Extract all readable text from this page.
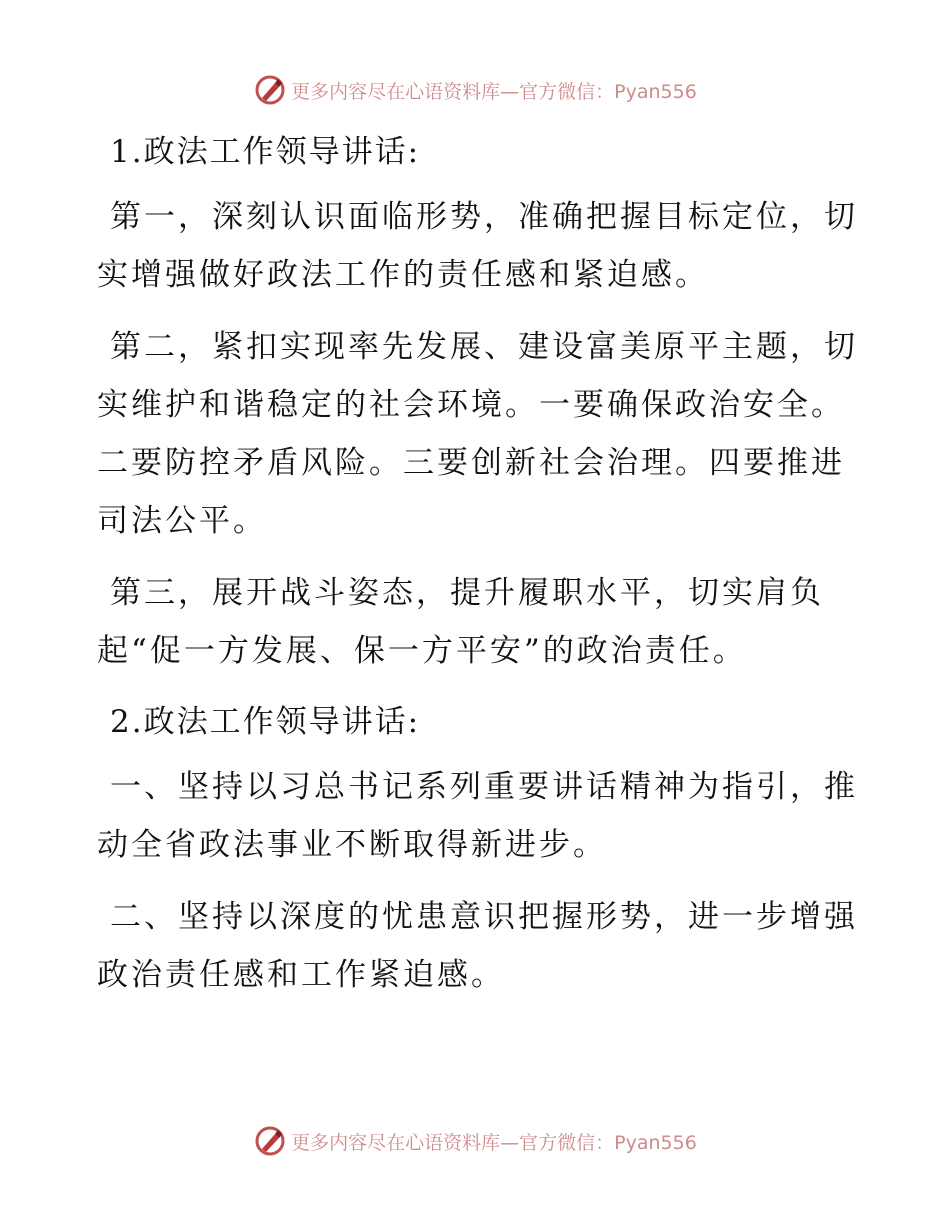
更多内容尽在心语资料库—官方微信：Pyan556
1.政法工作领导讲话:
第一，深刻认识面临形势，准确把握目标定位，切实增强做好政法工作的责任感和紧迫感。
第二，紧扣实现率先发展、建设富美原平主题，切实维护和谐稳定的社会环境。一要确保政治安全。二要防控矛盾风险。三要创新社会治理。四要推进司法公平。
第三，展开战斗姿态，提升履职水平，切实肩负起“促一方发展、保一方平安”的政治责任。
2.政法工作领导讲话:
一、坚持以习总书记系列重要讲话精神为指引，推动全省政法事业不断取得新进步。
二、坚持以深度的忧患意识把握形势，进一步增强政治责任感和工作紧迫感。
更多内容尽在心语资料库—官方微信：Pyan556
